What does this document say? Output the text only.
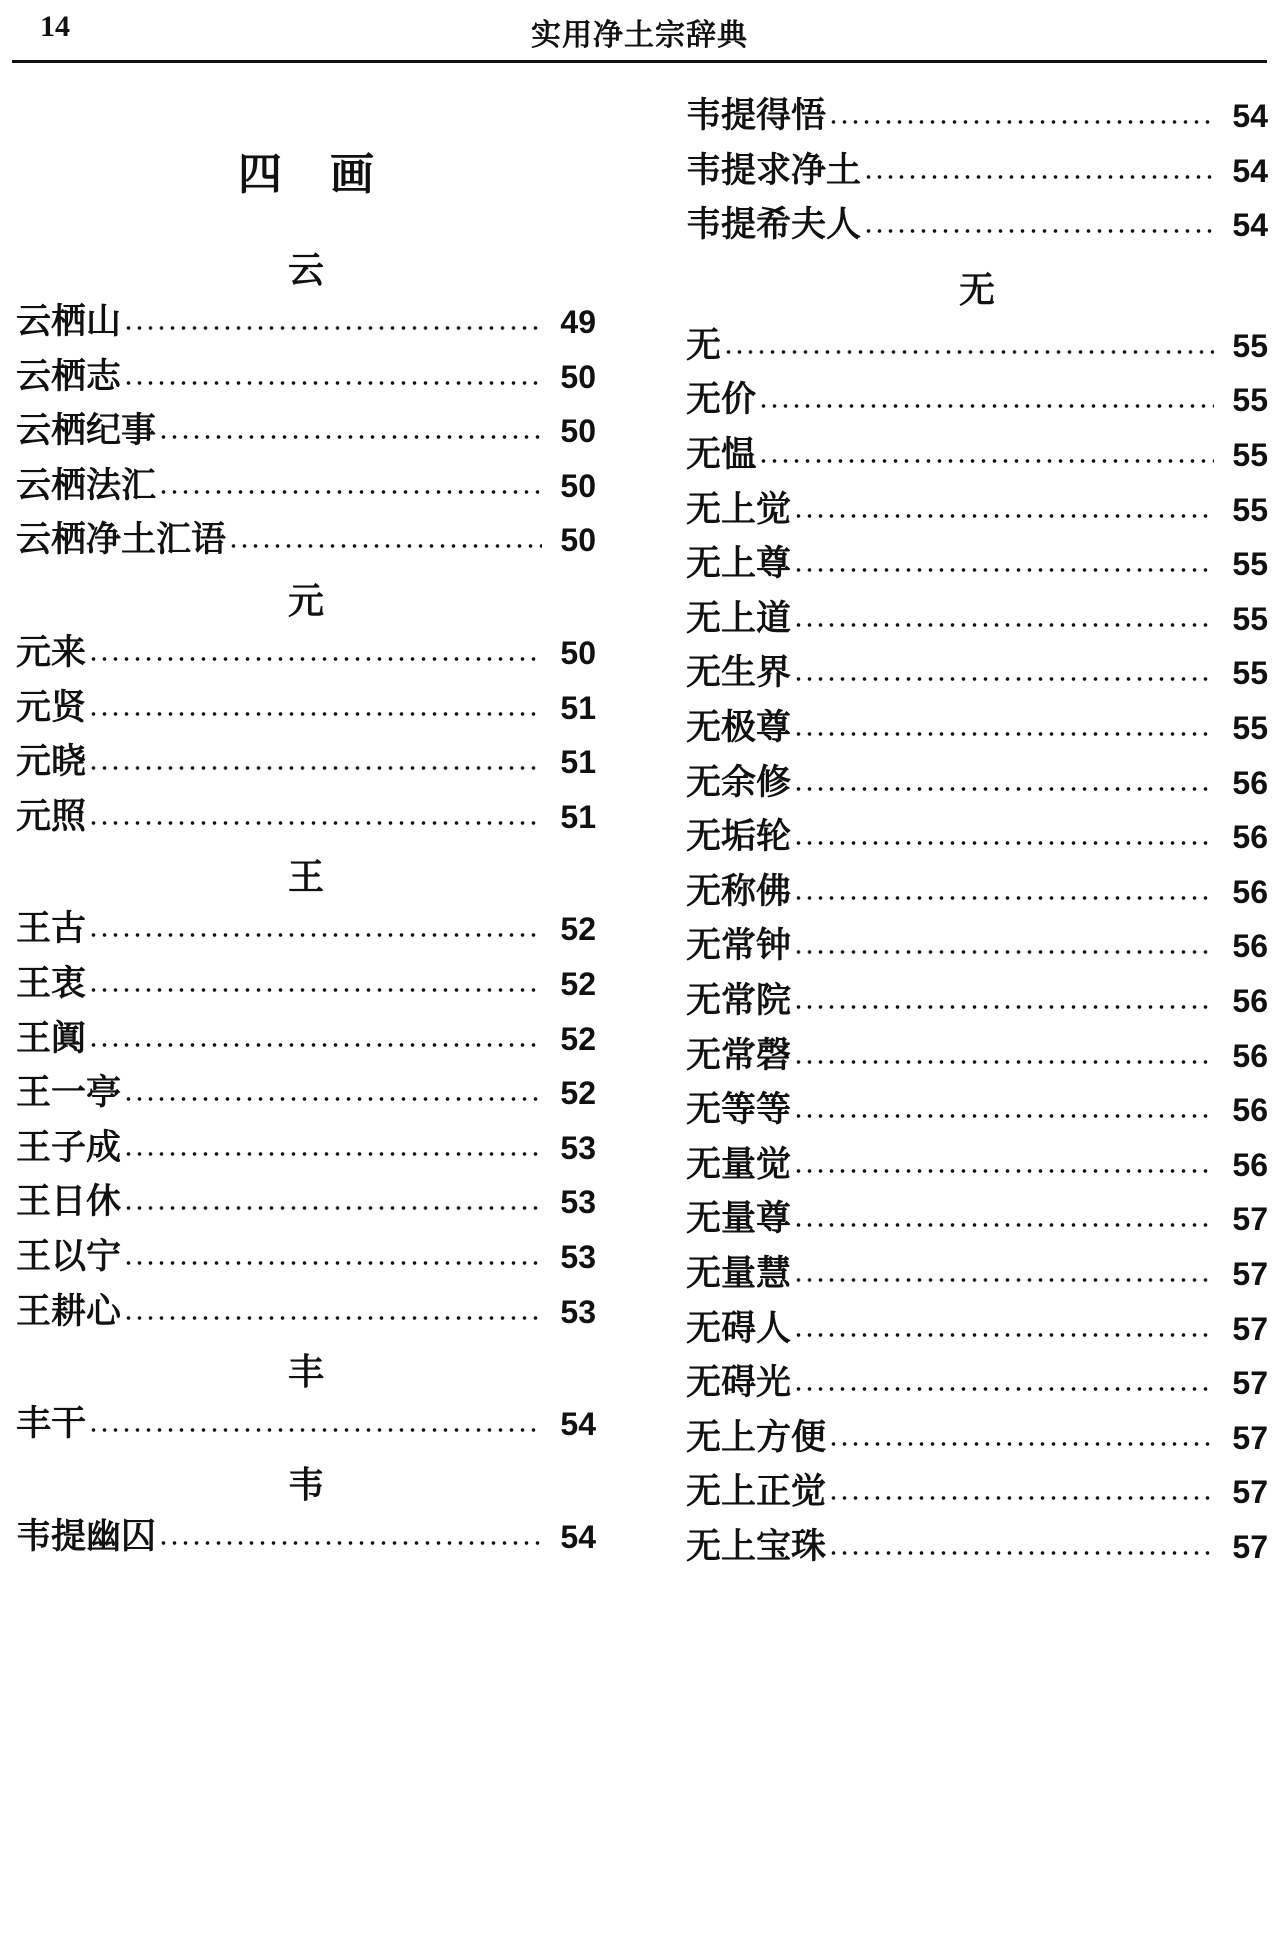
14	实用净土宗辞典
四画
云
云栖山	49
云栖志	50
云栖纪事	50
云栖法汇	50
云栖净土汇语	50
元
元来	50
元贤	51
元晓	51
元照	51
王
王古	52
王衷	52
王阗	52
王一亭	52
王子成	53
王日休	53
王以宁	53
王耕心	53
丰
丰干	54
韦
韦提幽囚	54
韦提得悟	54
韦提求净土	54
韦提希夫人	54
无
无	55
无价	55
无愠	55
无上觉	55
无上尊	55
无上道	55
无生界	55
无极尊	55
无余修	56
无垢轮	56
无称佛	56
无常钟	56
无常院	56
无常磬	56
无等等	56
无量觉	56
无量尊	57
无量慧	57
无碍人	57
无碍光	57
无上方便	57
无上正觉	57
无上宝珠	57
